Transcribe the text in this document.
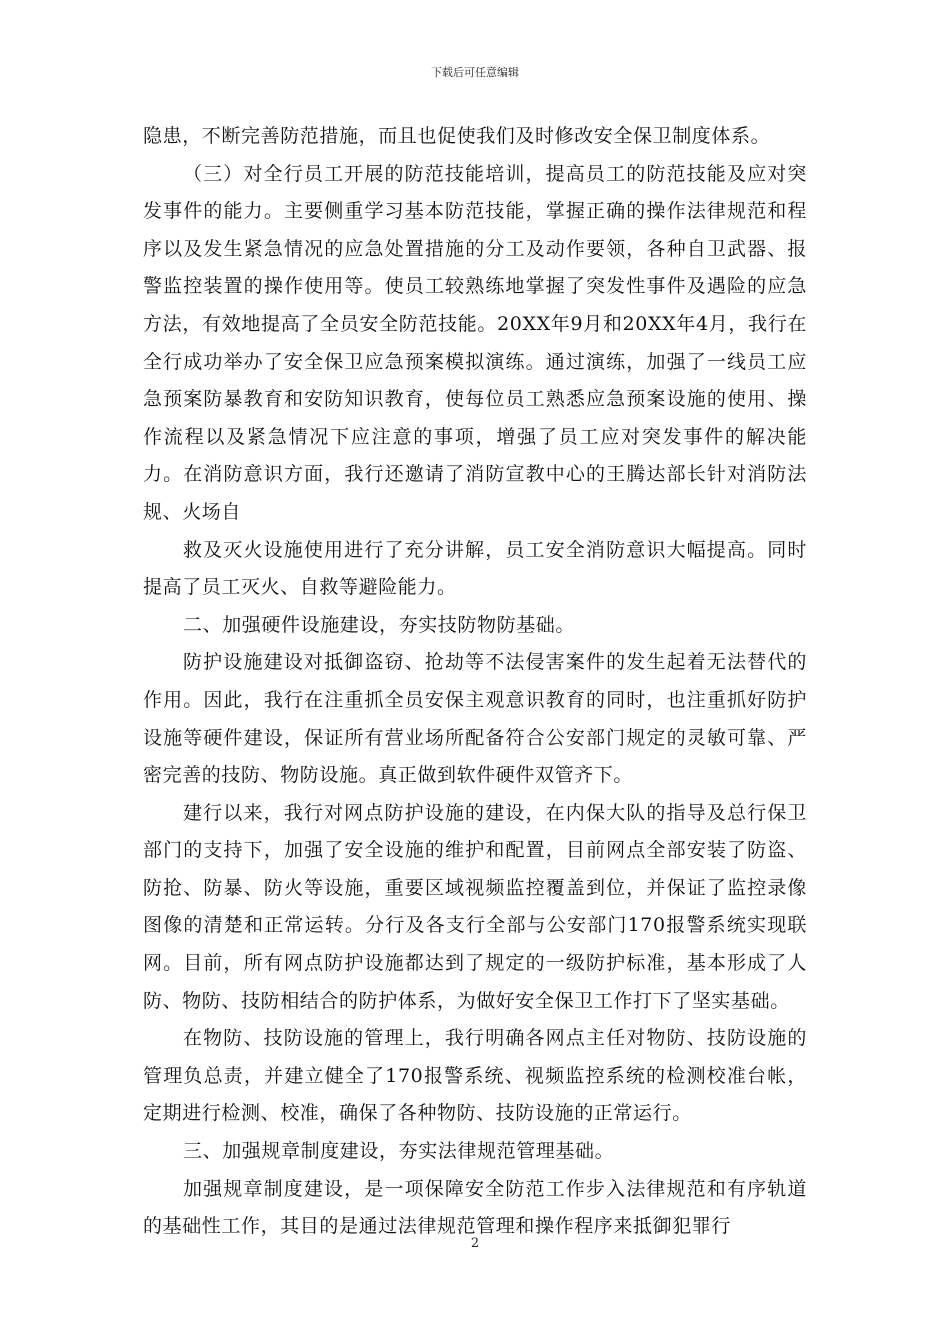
下载后可任意编辑

隐患，不断完善防范措施，而且也促使我们及时修改安全保卫制度体系。

（三）对全行员工开展的防范技能培训，提高员工的防范技能及应对突发事件的能力。主要侧重学习基本防范技能，掌握正确的操作法律规范和程序以及发生紧急情况的应急处置措施的分工及动作要领，各种自卫武器、报警监控装置的操作使用等。使员工较熟练地掌握了突发性事件及遇险的应急方法，有效地提高了全员安全防范技能。20XX年9月和20XX年4月，我行在全行成功举办了安全保卫应急预案模拟演练。通过演练，加强了一线员工应急预案防暴教育和安防知识教育，使每位员工熟悉应急预案设施的使用、操作流程以及紧急情况下应注意的事项，增强了员工应对突发事件的解决能力。在消防意识方面，我行还邀请了消防宣教中心的王腾达部长针对消防法规、火场自

救及灭火设施使用进行了充分讲解，员工安全消防意识大幅提高。同时提高了员工灭火、自救等避险能力。

二、加强硬件设施建设，夯实技防物防基础。

防护设施建设对抵御盗窃、抢劫等不法侵害案件的发生起着无法替代的作用。因此，我行在注重抓全员安保主观意识教育的同时，也注重抓好防护设施等硬件建设，保证所有营业场所配备符合公安部门规定的灵敏可靠、严密完善的技防、物防设施。真正做到软件硬件双管齐下。

建行以来，我行对网点防护设施的建设，在内保大队的指导及总行保卫部门的支持下，加强了安全设施的维护和配置，目前网点全部安装了防盗、防抢、防暴、防火等设施，重要区域视频监控覆盖到位，并保证了监控录像图像的清楚和正常运转。分行及各支行全部与公安部门170报警系统实现联网。目前，所有网点防护设施都达到了规定的一级防护标准，基本形成了人防、物防、技防相结合的防护体系，为做好安全保卫工作打下了坚实基础。

在物防、技防设施的管理上，我行明确各网点主任对物防、技防设施的管理负总责，并建立健全了170报警系统、视频监控系统的检测校准台帐，定期进行检测、校准，确保了各种物防、技防设施的正常运行。

三、加强规章制度建设，夯实法律规范管理基础。

加强规章制度建设，是一项保障安全防范工作步入法律规范和有序轨道的基础性工作，其目的是通过法律规范管理和操作程序来抵御犯罪行

2
